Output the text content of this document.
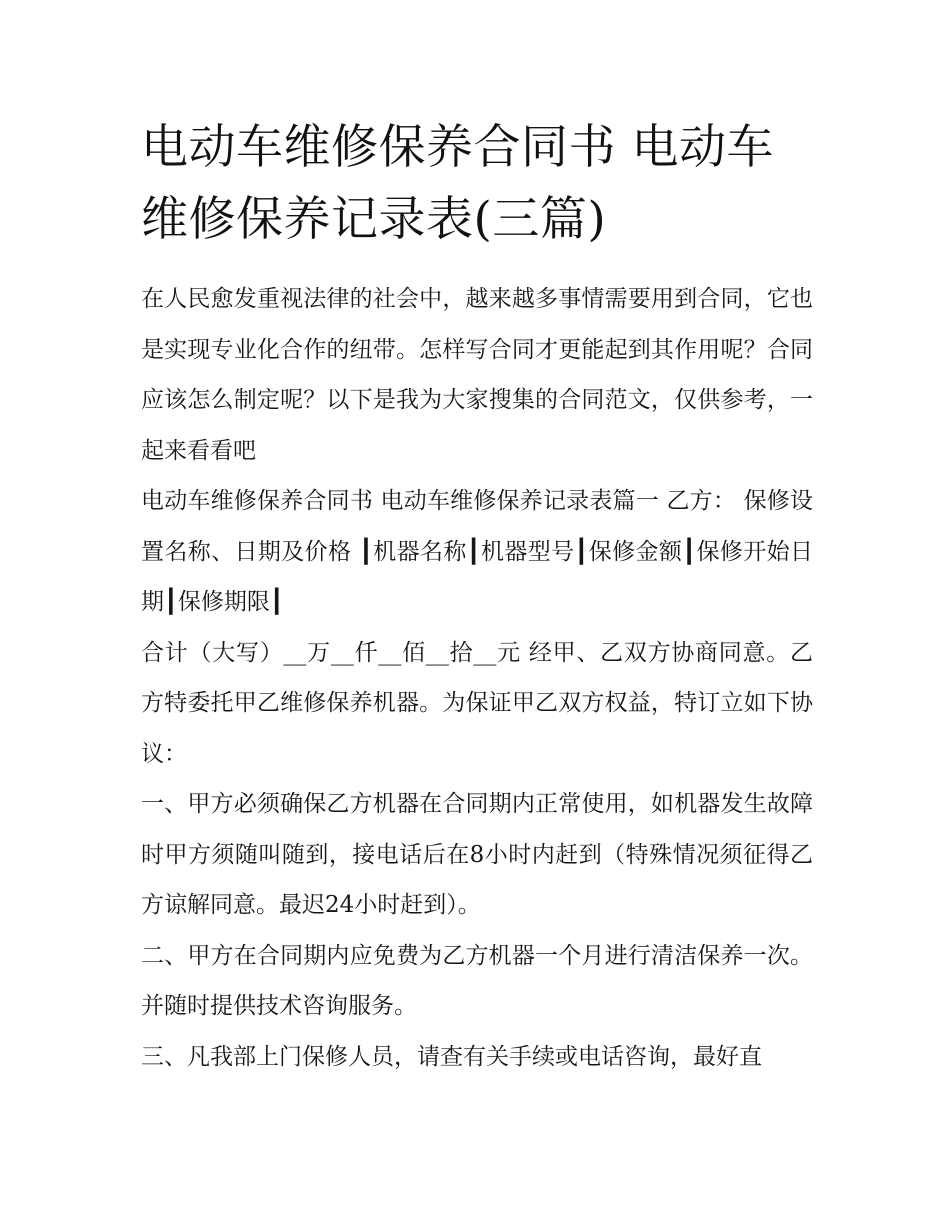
电动车维修保养合同书 电动车维修保养记录表(三篇)

在人民愈发重视法律的社会中，越来越多事情需要用到合同，它也是实现专业化合作的纽带。怎样写合同才更能起到其作用呢？合同应该怎么制定呢？以下是我为大家搜集的合同范文，仅供参考，一起来看看吧

电动车维修保养合同书 电动车维修保养记录表篇一 乙方： 保修设置名称、日期及价格 ┃机器名称┃机器型号┃保修金额┃保修开始日期┃保修期限┃

合计（大写）__万__仟__佰__拾__元 经甲、乙双方协商同意。乙方特委托甲乙维修保养机器。为保证甲乙双方权益，特订立如下协议：

一、甲方必须确保乙方机器在合同期内正常使用，如机器发生故障时甲方须随叫随到，接电话后在8小时内赶到（特殊情况须征得乙方谅解同意。最迟24小时赶到）。

二、甲方在合同期内应免费为乙方机器一个月进行清洁保养一次。并随时提供技术咨询服务。

三、凡我部上门保修人员，请查有关手续或电话咨询，最好直
